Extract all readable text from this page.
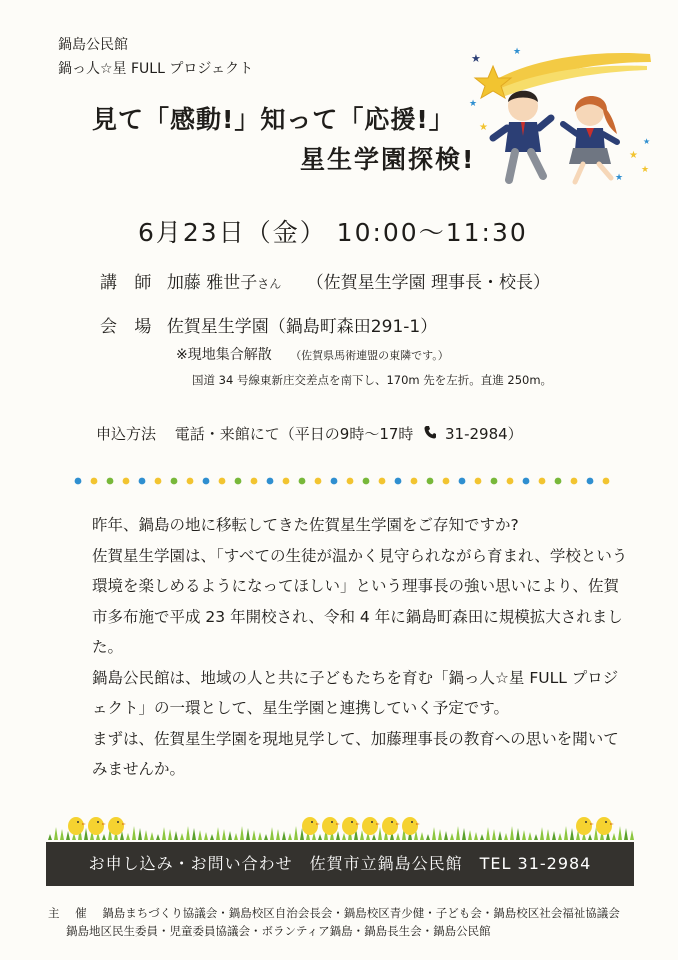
鍋島公民館
鍋っ人☆星 FULL プロジェクト
見て「感動!」知って「応援!」
星生学園探検!
★	★
★
★
★
★
★
★
6月23日（金） 10:00～11:30
講 師 加藤 雅世子さん （佐賀星生学園 理事長・校長）
会 場 佐賀星生学園（鍋島町森田291-1）
※現地集合解散 （佐賀県馬術連盟の東隣です。）
国道 34 号線東新庄交差点を南下し、170m 先を左折。直進 250m。
申込方法 電話・来館にて（平日の9時～17時 31-2984）

昨年、鍋島の地に移転してきた佐賀星生学園をご存知ですか?

佐賀星生学園は、「すべての生徒が温かく見守られながら育まれ、学校という環境を楽しめるようになってほしい」という理事長の強い思いにより、佐賀市多布施で平成 23 年開校され、令和 4 年に鍋島町森田に規模拡大されました。

鍋島公民館は、地域の人と共に子どもたちを育む「鍋っ人☆星 FULL プロジェクト」の一環として、星生学園と連携していく予定です。

まずは、佐賀星生学園を現地見学して、加藤理事長の教育への思いを聞いてみませんか。

お申し込み・お問い合わせ　佐賀市立鍋島公民館　TEL 31-2984
主 催 鍋島まちづくり協議会・鍋島校区自治会長会・鍋島校区青少健・子ども会・鍋島校区社会福祉協議会
鍋島地区民生委員・児童委員協議会・ボランティア鍋島・鍋島長生会・鍋島公民館
